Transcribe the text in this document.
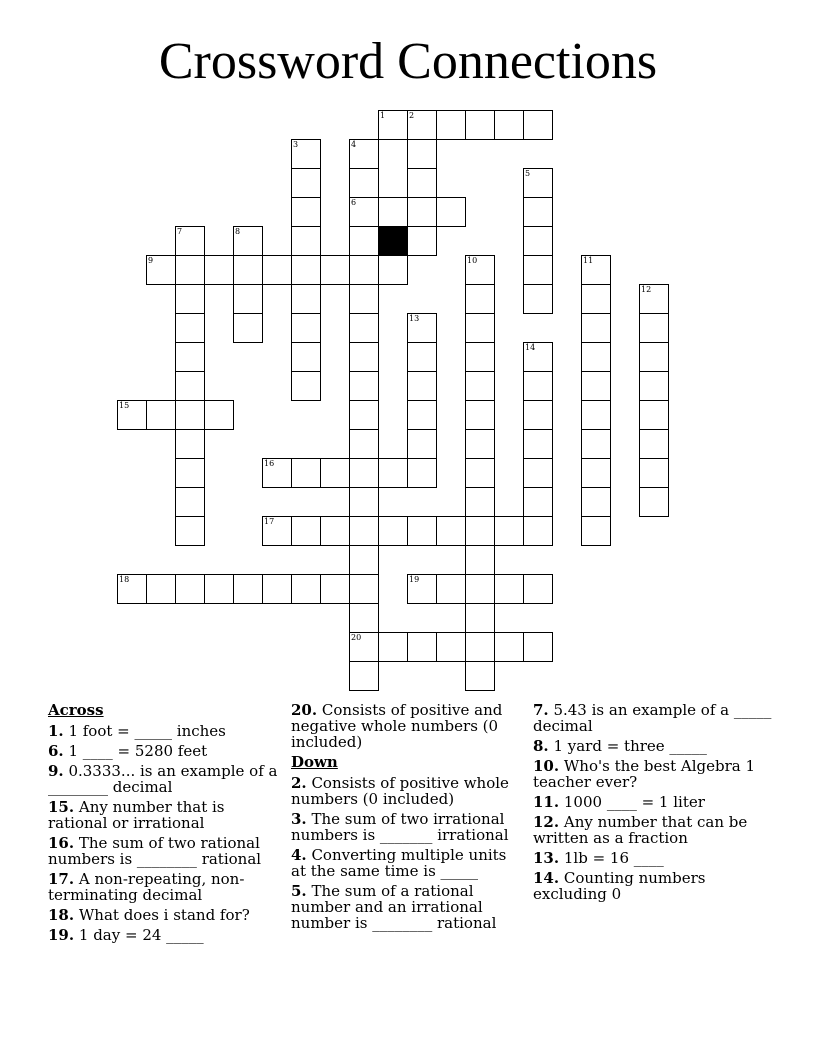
Crossword Connections
1	2
6
9
15
16
17
18	19
20
3	4
5
7	8
10	11
12
13
14
Across
1. 1 foot = _____ inches
6. 1 ____ = 5280 feet
9. 0.3333... is an example of a ________ decimal
15. Any number that is rational or irrational
16. The sum of two rational numbers is ________ rational
17. A non-repeating, non-terminating decimal
18. What does i stand for?
19. 1 day = 24 _____
20. Consists of positive and negative whole numbers (0 included)
Down
2. Consists of positive whole numbers (0 included)
3. The sum of two irrational numbers is _______ irrational
4. Converting multiple units at the same time is _____
5. The sum of a rational number and an irrational number is ________ rational
7. 5.43 is an example of a _____ decimal
8. 1 yard = three _____
10. Who's the best Algebra 1 teacher ever?
11. 1000 ____ = 1 liter
12. Any number that can be written as a fraction
13. 1lb = 16 ____
14. Counting numbers excluding 0
